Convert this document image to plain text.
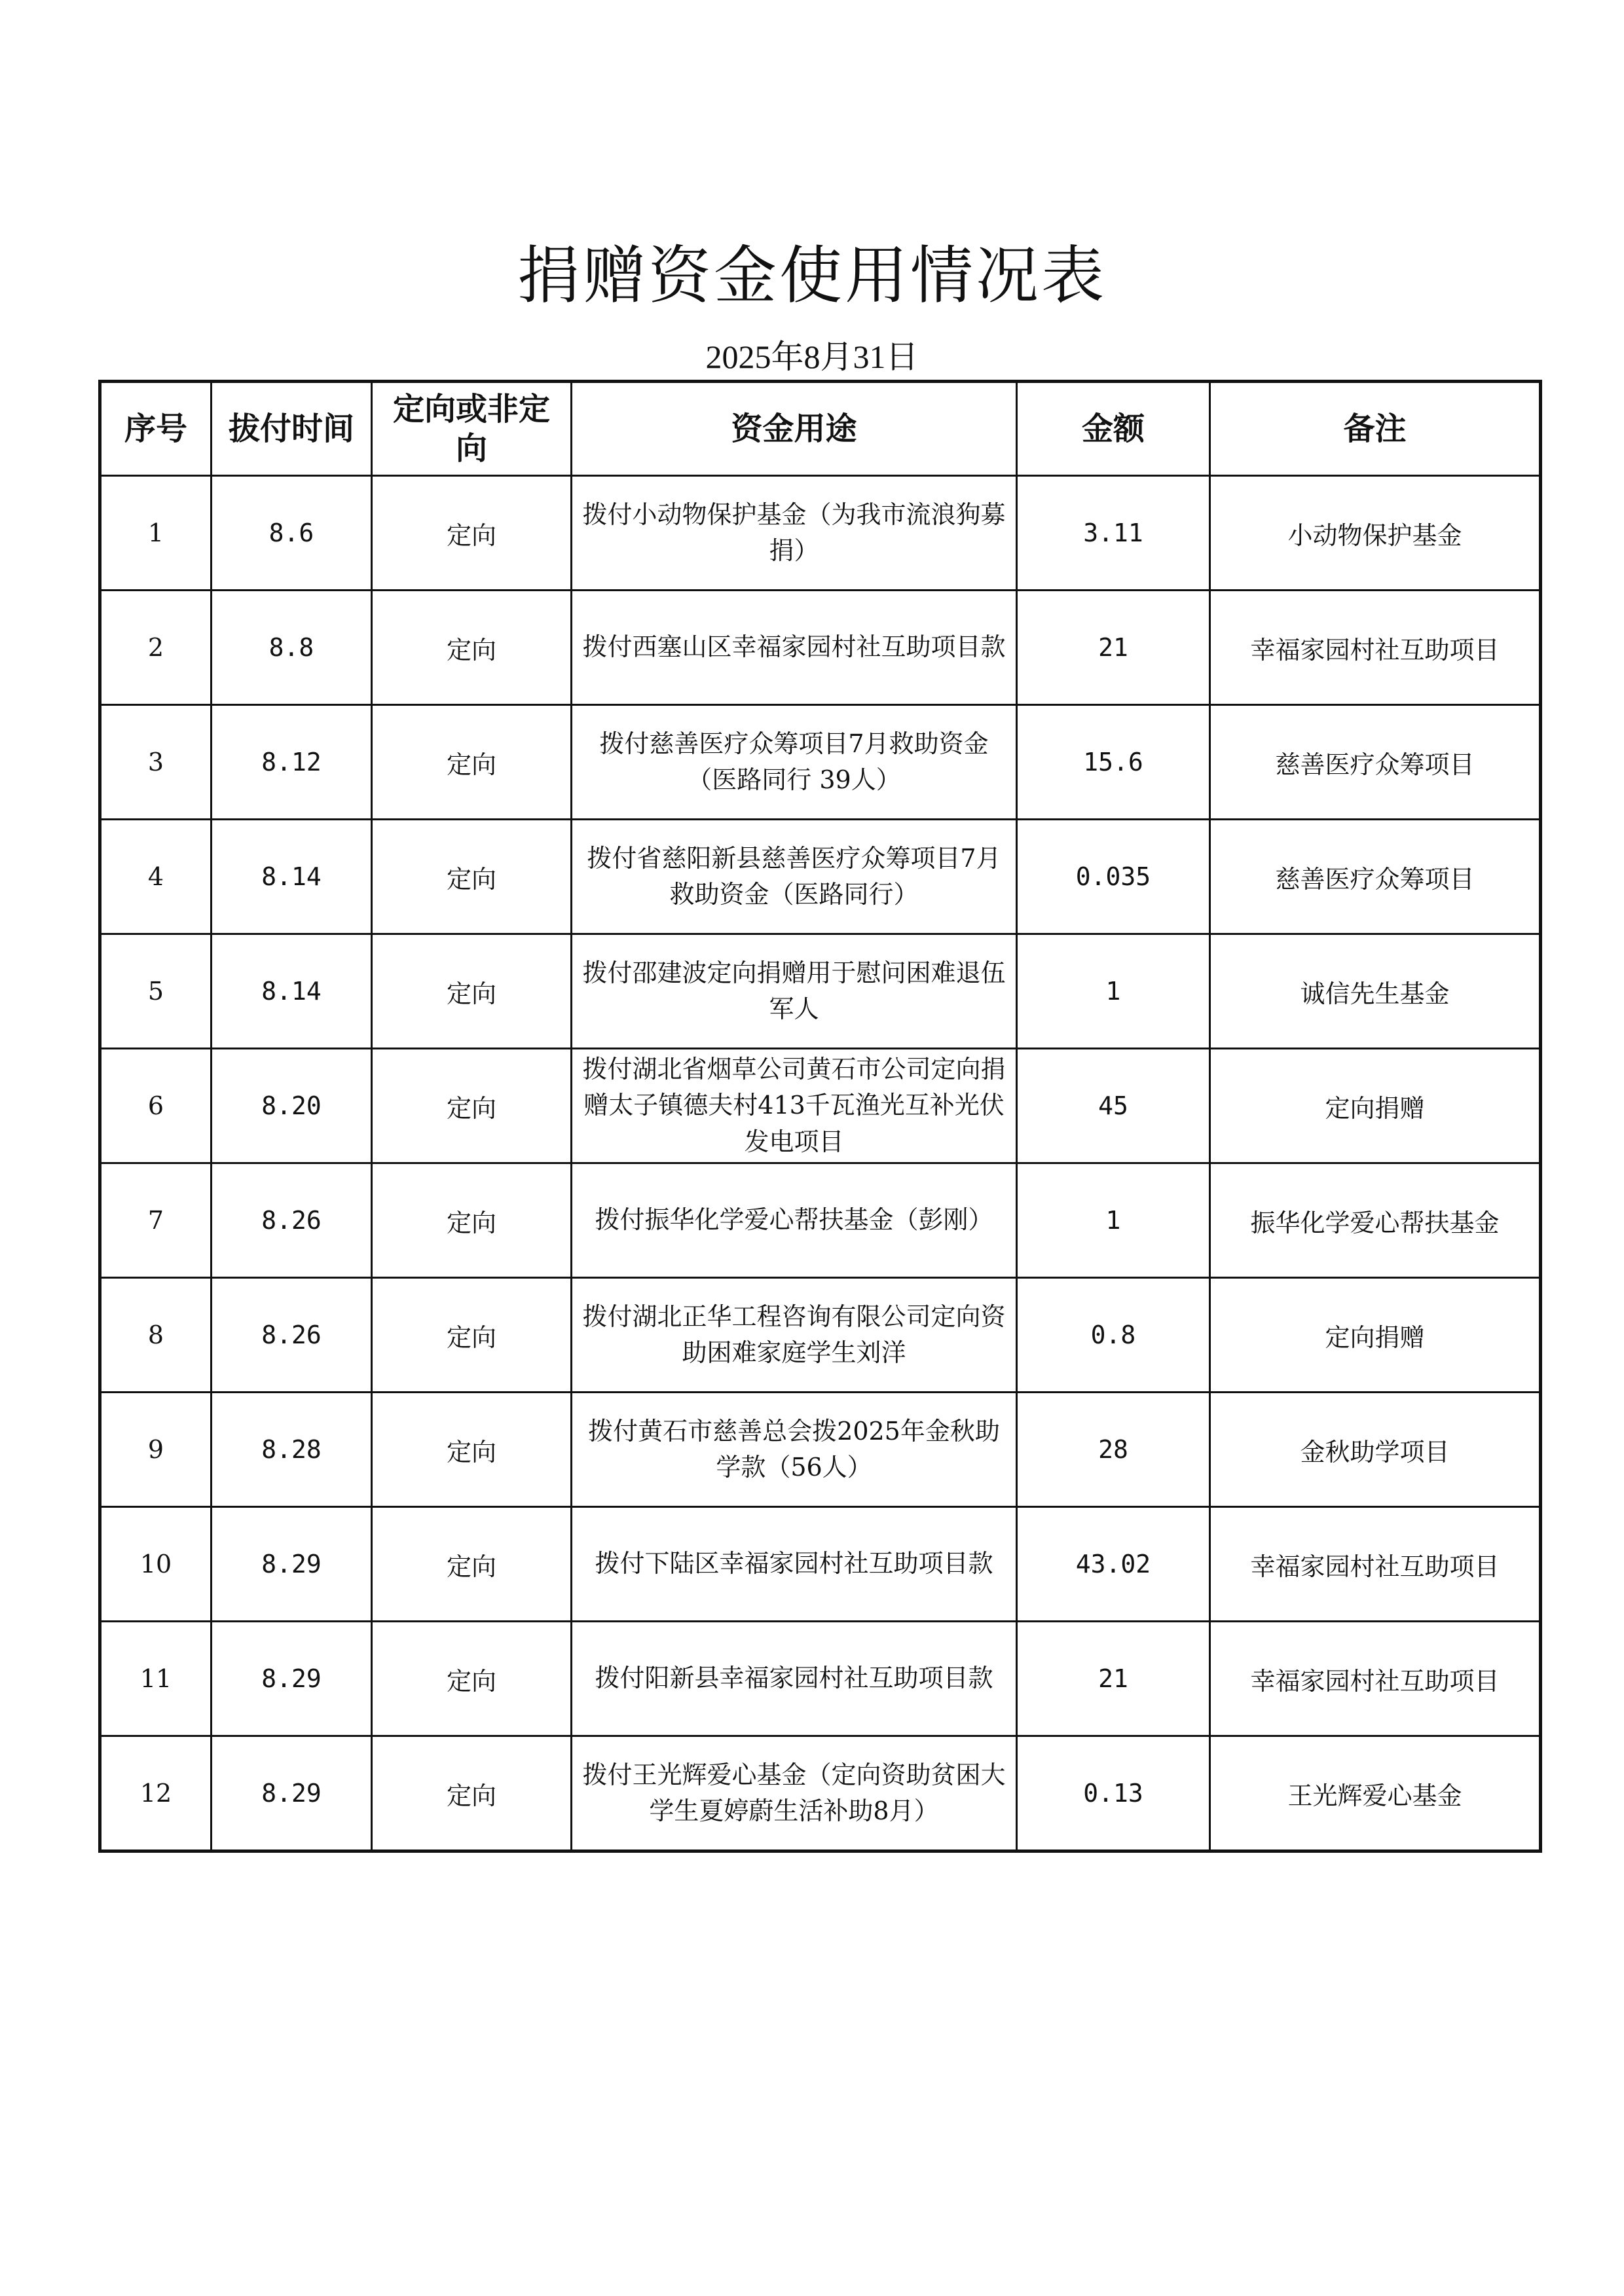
捐赠资金使用情况表
2025年8月31日
序号	拔付时间	定向或非定向	资金用途	金额	备注
1	8.6	定向	拨付小动物保护基金（为我市流浪狗募捐）	3.11	小动物保护基金
2	8.8	定向	拨付西塞山区幸福家园村社互助项目款	21	幸福家园村社互助项目
3	8.12	定向	拨付慈善医疗众筹项目7月救助资金（医路同行 39人）	15.6	慈善医疗众筹项目
4	8.14	定向	拨付省慈阳新县慈善医疗众筹项目7月救助资金（医路同行）	0.035	慈善医疗众筹项目
5	8.14	定向	拨付邵建波定向捐赠用于慰问困难退伍军人	1	诚信先生基金
6	8.20	定向	拨付湖北省烟草公司黄石市公司定向捐赠太子镇德夫村413千瓦渔光互补光伏发电项目	45	定向捐赠
7	8.26	定向	拨付振华化学爱心帮扶基金（彭刚）	1	振华化学爱心帮扶基金
8	8.26	定向	拨付湖北正华工程咨询有限公司定向资助困难家庭学生刘洋	0.8	定向捐赠
9	8.28	定向	拨付黄石市慈善总会拨2025年金秋助学款（56人）	28	金秋助学项目
10	8.29	定向	拨付下陆区幸福家园村社互助项目款	43.02	幸福家园村社互助项目
11	8.29	定向	拨付阳新县幸福家园村社互助项目款	21	幸福家园村社互助项目
12	8.29	定向	拨付王光辉爱心基金（定向资助贫困大学生夏婷蔚生活补助8月）	0.13	王光辉爱心基金
